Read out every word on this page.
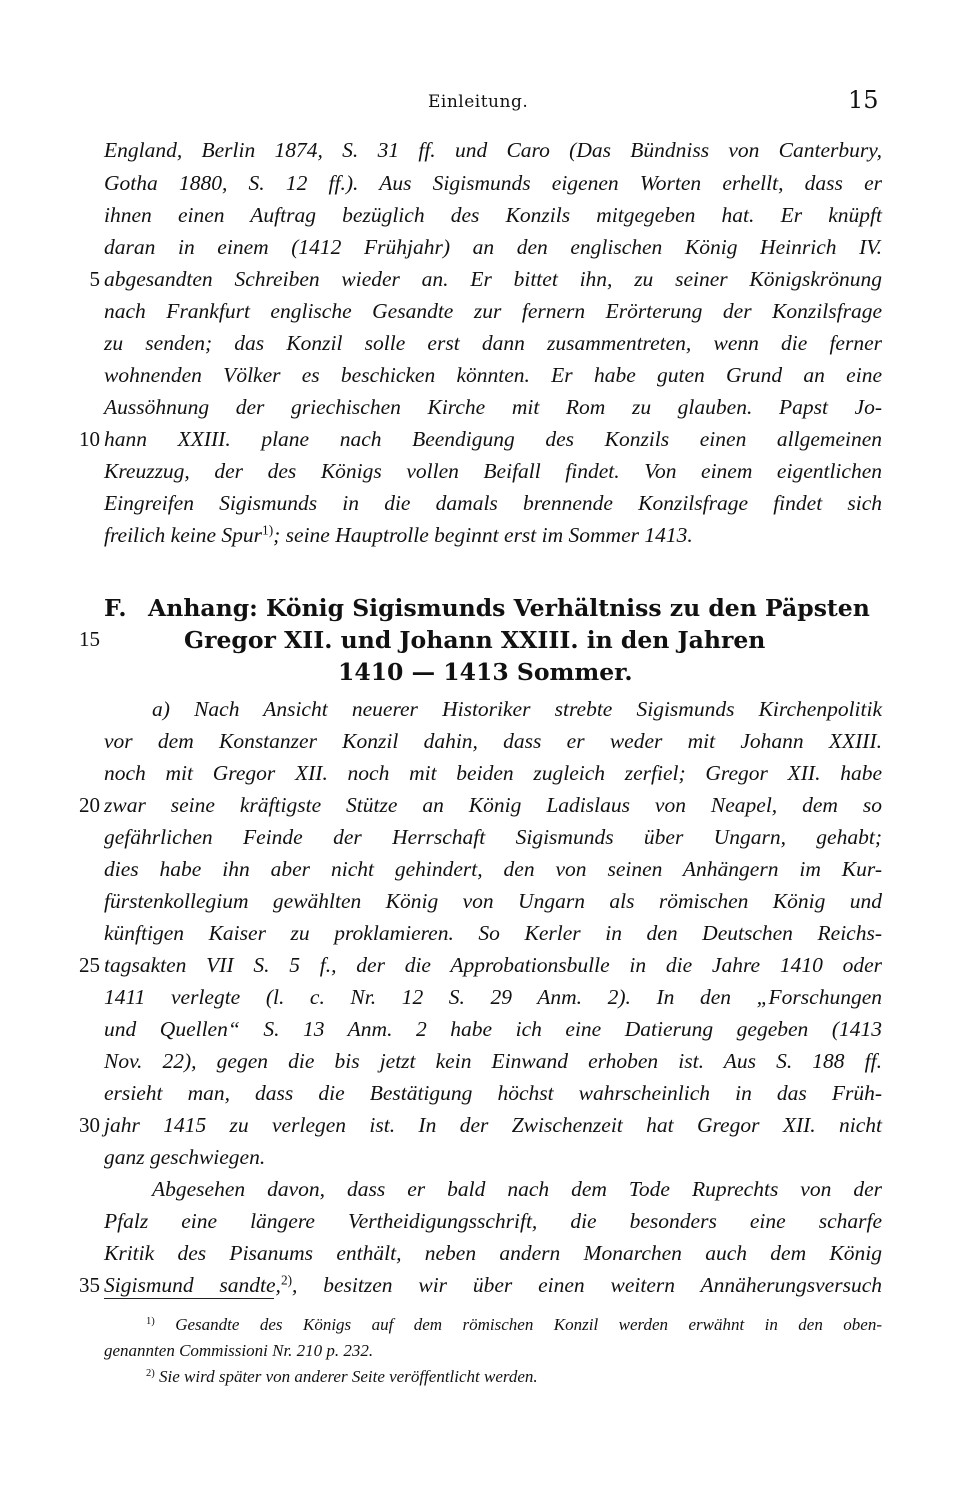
Einleitung.	15
England, Berlin 1874, S. 31 ff. und Caro (Das Bündniss von Canterbury,
Gotha 1880, S. 12 ff.). Aus Sigismunds eigenen Worten erhellt, dass er
ihnen einen Auftrag bezüglich des Konzils mitgegeben hat. Er knüpft
daran in einem (1412 Frühjahr) an den englischen König Heinrich IV.
5 abgesandten Schreiben wieder an. Er bittet ihn, zu seiner Königskrönung
nach Frankfurt englische Gesandte zur fernern Erörterung der Konzilsfrage
zu senden; das Konzil solle erst dann zusammentreten, wenn die ferner
wohnenden Völker es beschicken könnten. Er habe guten Grund an eine
Aussöhnung der griechischen Kirche mit Rom zu glauben. Papst Jo-
10 hann XXIII. plane nach Beendigung des Konzils einen allgemeinen
Kreuzzug, der des Königs vollen Beifall findet. Von einem eigentlichen
Eingreifen Sigismunds in die damals brennende Konzilsfrage findet sich
freilich keine Spur$^{1)}$; seine Hauptrolle beginnt erst im Sommer 1413.
F. Anhang: König Sigismunds Verhältniss zu den Päpsten
15	Gregor XII. und Johann XXIII. in den Jahren
1410 — 1413 Sommer.
a) Nach Ansicht neuerer Historiker strebte Sigismunds Kirchenpolitik
vor dem Konstanzer Konzil dahin, dass er weder mit Johann XXIII.
noch mit Gregor XII. noch mit beiden zugleich zerfiel; Gregor XII. habe
20 zwar seine kräftigste Stütze an König Ladislaus von Neapel, dem so
gefährlichen Feinde der Herrschaft Sigismunds über Ungarn, gehabt;
dies habe ihn aber nicht gehindert, den von seinen Anhängern im Kur-
fürstenkollegium gewählten König von Ungarn als römischen König und
künftigen Kaiser zu proklamieren. So Kerler in den Deutschen Reichs-
25 tagsakten VII S. 5 f., der die Approbationsbulle in die Jahre 1410 oder
1411 verlegte (l. c. Nr. 12 S. 29 Anm. 2). In den „Forschungen
und Quellen“ S. 13 Anm. 2 habe ich eine Datierung gegeben (1413
Nov. 22), gegen die bis jetzt kein Einwand erhoben ist. Aus S. 188 ff.
ersieht man, dass die Bestätigung höchst wahrscheinlich in das Früh-
30 jahr 1415 zu verlegen ist. In der Zwischenzeit hat Gregor XII. nicht
ganz geschwiegen.
Abgesehen davon, dass er bald nach dem Tode Ruprechts von der
Pfalz eine längere Vertheidigungsschrift, die besonders eine scharfe
Kritik des Pisanums enthält, neben andern Monarchen auch dem König
35 Sigismund sandte,$^{2)}$, besitzen wir über einen weitern Annäherungsversuch
$^{1)}$ Gesandte des Königs auf dem römischen Konzil werden erwähnt in den oben-
genannten Commissioni Nr. 210 p. 232.
$^{2)}$ Sie wird später von anderer Seite veröffentlicht werden.
